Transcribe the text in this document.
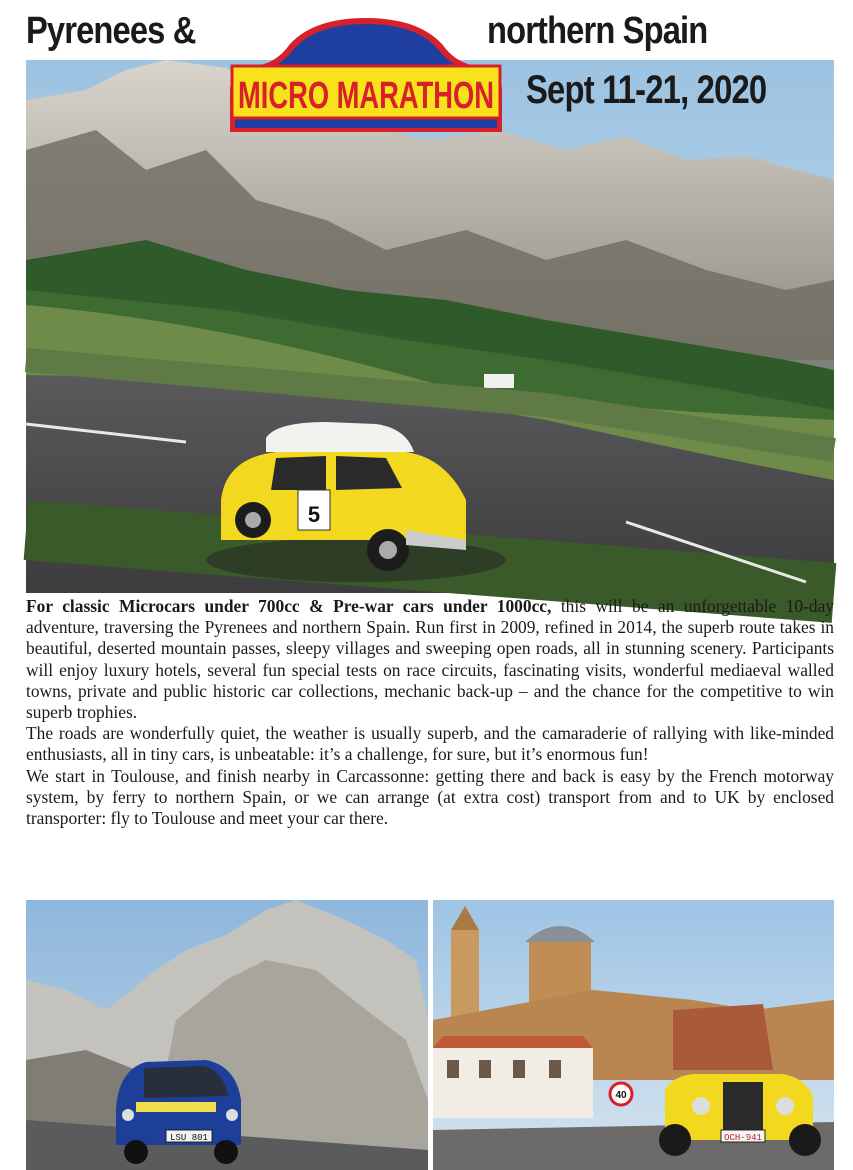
Pyrenees &	northern Spain
Sept 11-21, 2020
MICRO MARATHON
5

For classic Microcars under 700cc & Pre-war cars under 1000cc, this will be an unforgettable 10-day adventure, traversing the Pyrenees and northern Spain. Run first in 2009, refined in 2014, the superb route takes in beautiful, deserted mountain passes, sleepy villages and sweeping open roads, all in stunning scenery. Participants will enjoy luxury hotels, several fun special tests on race circuits, fascinating visits, wonderful mediaeval walled towns, private and public historic car collections, mechanic back-up – and the chance for the competitive to win superb trophies.

The roads are wonderfully quiet, the weather is usually superb, and the camaraderie of rallying with like-minded enthusiasts, all in tiny cars, is unbeatable: it’s a challenge, for sure, but it’s enormous fun!

We start in Toulouse, and finish nearby in Carcassonne: getting there and back is easy by the French motorway system, by ferry to northern Spain, or we can arrange (at extra cost) transport from and to UK by enclosed transporter: fly to Toulouse and meet your car there.

LSU 801
40
OCH-941
